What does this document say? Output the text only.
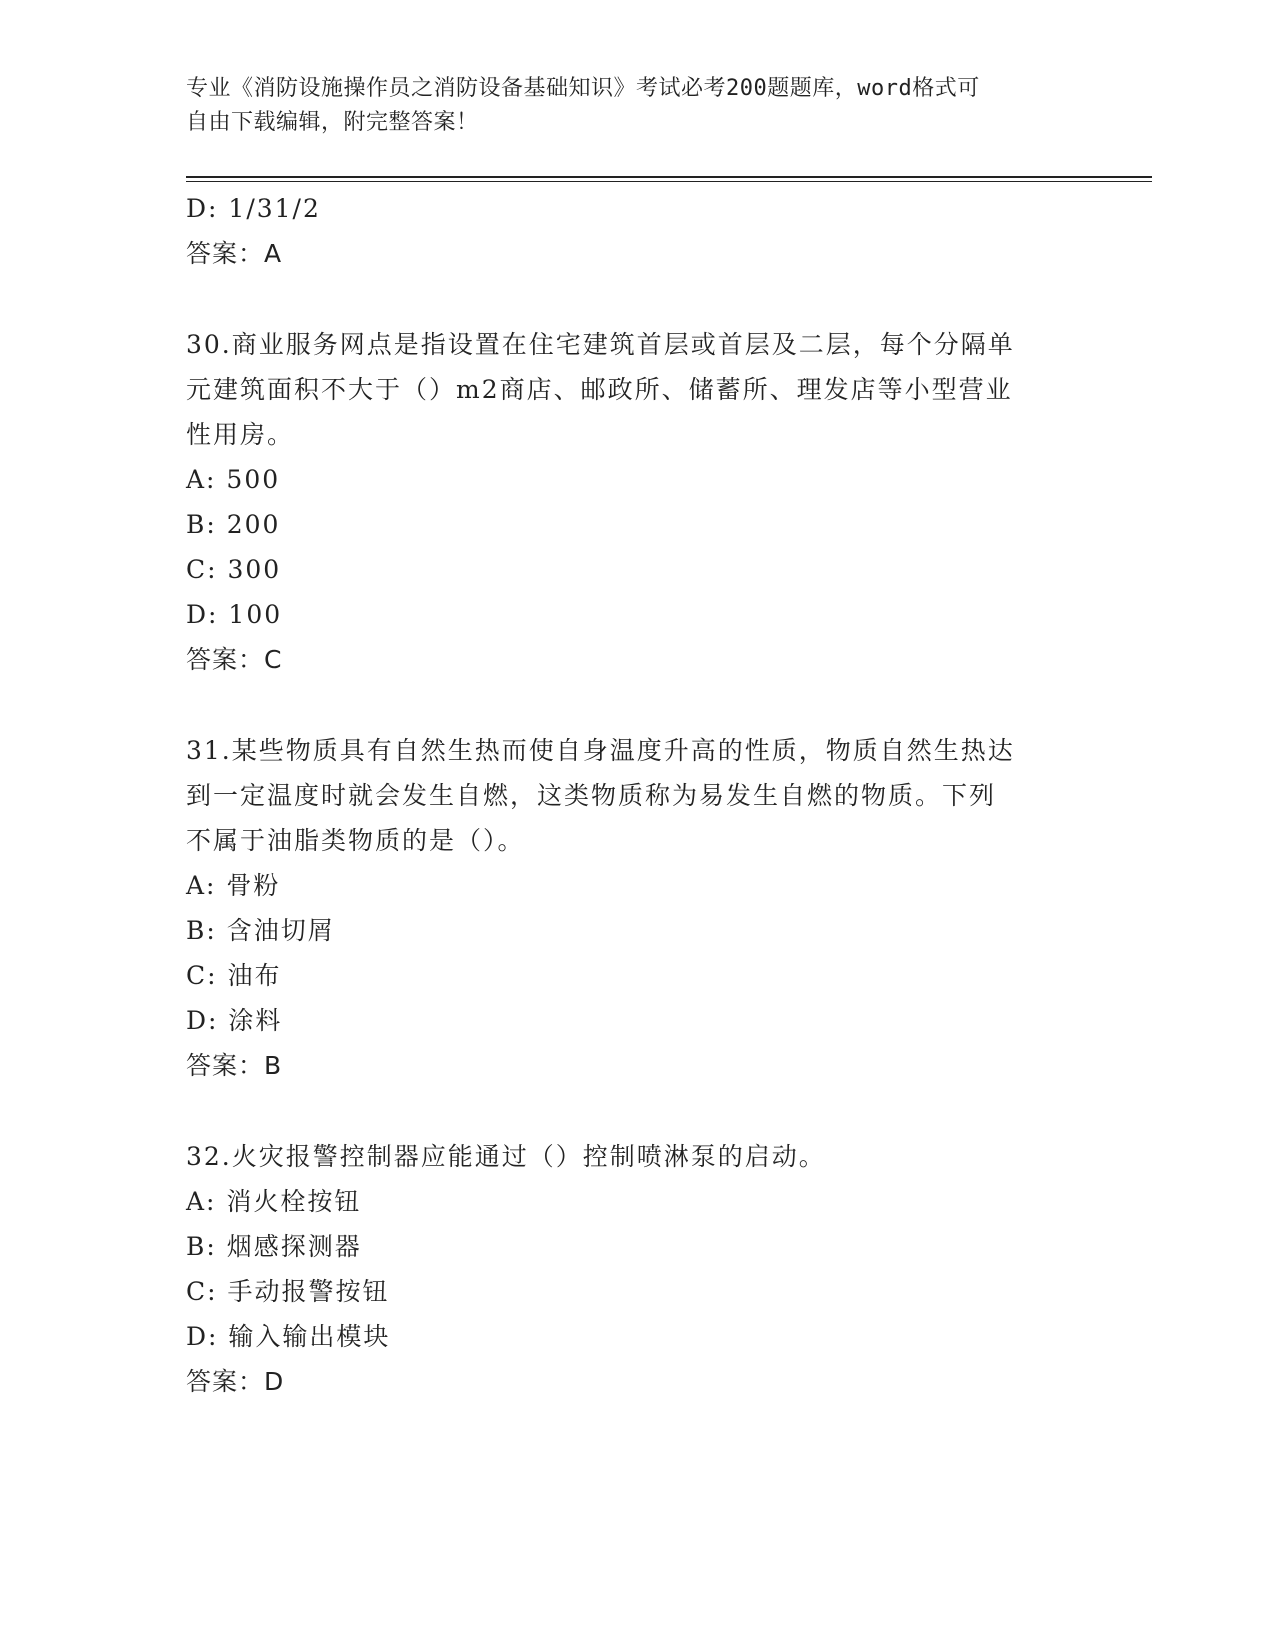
专业《消防设施操作员之消防设备基础知识》考试必考200题题库，word格式可
自由下载编辑，附完整答案！
D: 1/31/2
答案：A
30.商业服务网点是指设置在住宅建筑首层或首层及二层，每个分隔单
元建筑面积不大于（）m2商店、邮政所、储蓄所、理发店等小型营业
性用房。
A: 500
B: 200
C: 300
D: 100
答案：C
31.某些物质具有自然生热而使自身温度升高的性质，物质自然生热达
到一定温度时就会发生自燃，这类物质称为易发生自燃的物质。下列
不属于油脂类物质的是（）。
A: 骨粉
B: 含油切屑
C: 油布
D: 涂料
答案：B
32.火灾报警控制器应能通过（）控制喷淋泵的启动。
A: 消火栓按钮
B: 烟感探测器
C: 手动报警按钮
D: 输入输出模块
答案：D
